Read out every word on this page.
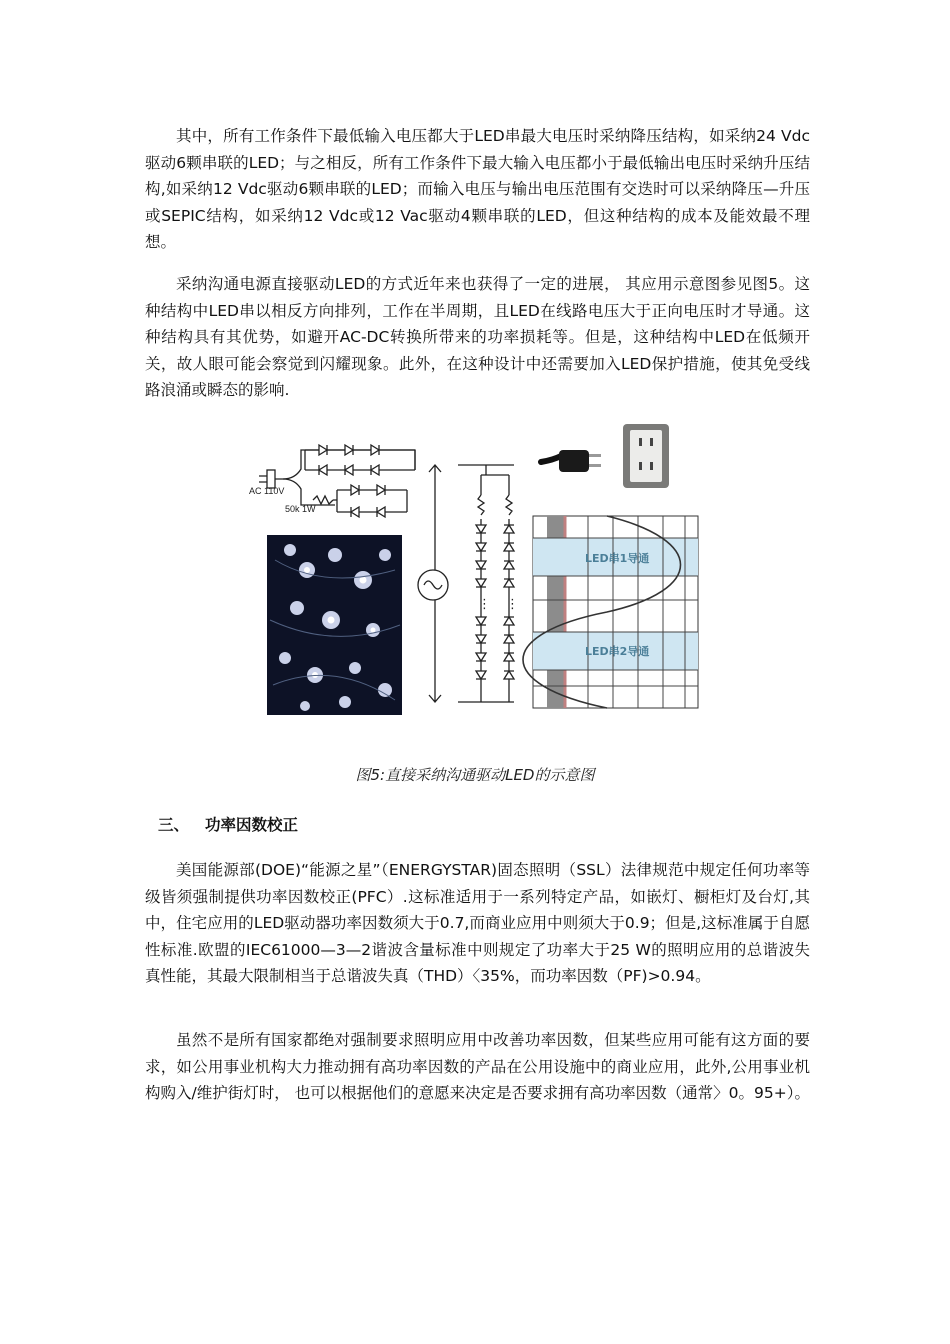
其中，所有工作条件下最低输入电压都大于LED串最大电压时采纳降压结构，如采纳24 Vdc驱动6颗串联的LED；与之相反，所有工作条件下最大输入电压都小于最低输出电压时采纳升压结构,如采纳12 Vdc驱动6颗串联的LED；而输入电压与输出电压范围有交迭时可以采纳降压—升压或SEPIC结构，如采纳12 Vdc或12 Vac驱动4颗串联的LED，但这种结构的成本及能效最不理想。

采纳沟通电源直接驱动LED的方式近年来也获得了一定的进展， 其应用示意图参见图5。这种结构中LED串以相反方向排列，工作在半周期，且LED在线路电压大于正向电压时才导通。这种结构具有其优势，如避开AC-DC转换所带来的功率损耗等。但是，这种结构中LED在低频开关，故人眼可能会察觉到闪耀现象。此外，在这种设计中还需要加入LED保护措施，使其免受线路浪涌或瞬态的影响.

AC 110V
50k 1W
⋮ ⋮
LED串1导通
LED串2导通
图5:直接采纳沟通驱动LED的示意图
三、 功率因数校正

美国能源部(DOE)“能源之星”（ENERGYSTAR)固态照明（SSL）法律规范中规定任何功率等级皆须强制提供功率因数校正(PFC）.这标准适用于一系列特定产品，如嵌灯、橱柜灯及台灯,其中，住宅应用的LED驱动器功率因数须大于0.7,而商业应用中则须大于0.9；但是,这标准属于自愿性标准.欧盟的IEC61000—3—2谐波含量标准中则规定了功率大于25 W的照明应用的总谐波失真性能，其最大限制相当于总谐波失真（THD）〈35%，而功率因数（PF)>0.94。

虽然不是所有国家都绝对强制要求照明应用中改善功率因数，但某些应用可能有这方面的要求，如公用事业机构大力推动拥有高功率因数的产品在公用设施中的商业应用，此外,公用事业机构购入/维护街灯时， 也可以根据他们的意愿来决定是否要求拥有高功率因数（通常〉0。95+）。
